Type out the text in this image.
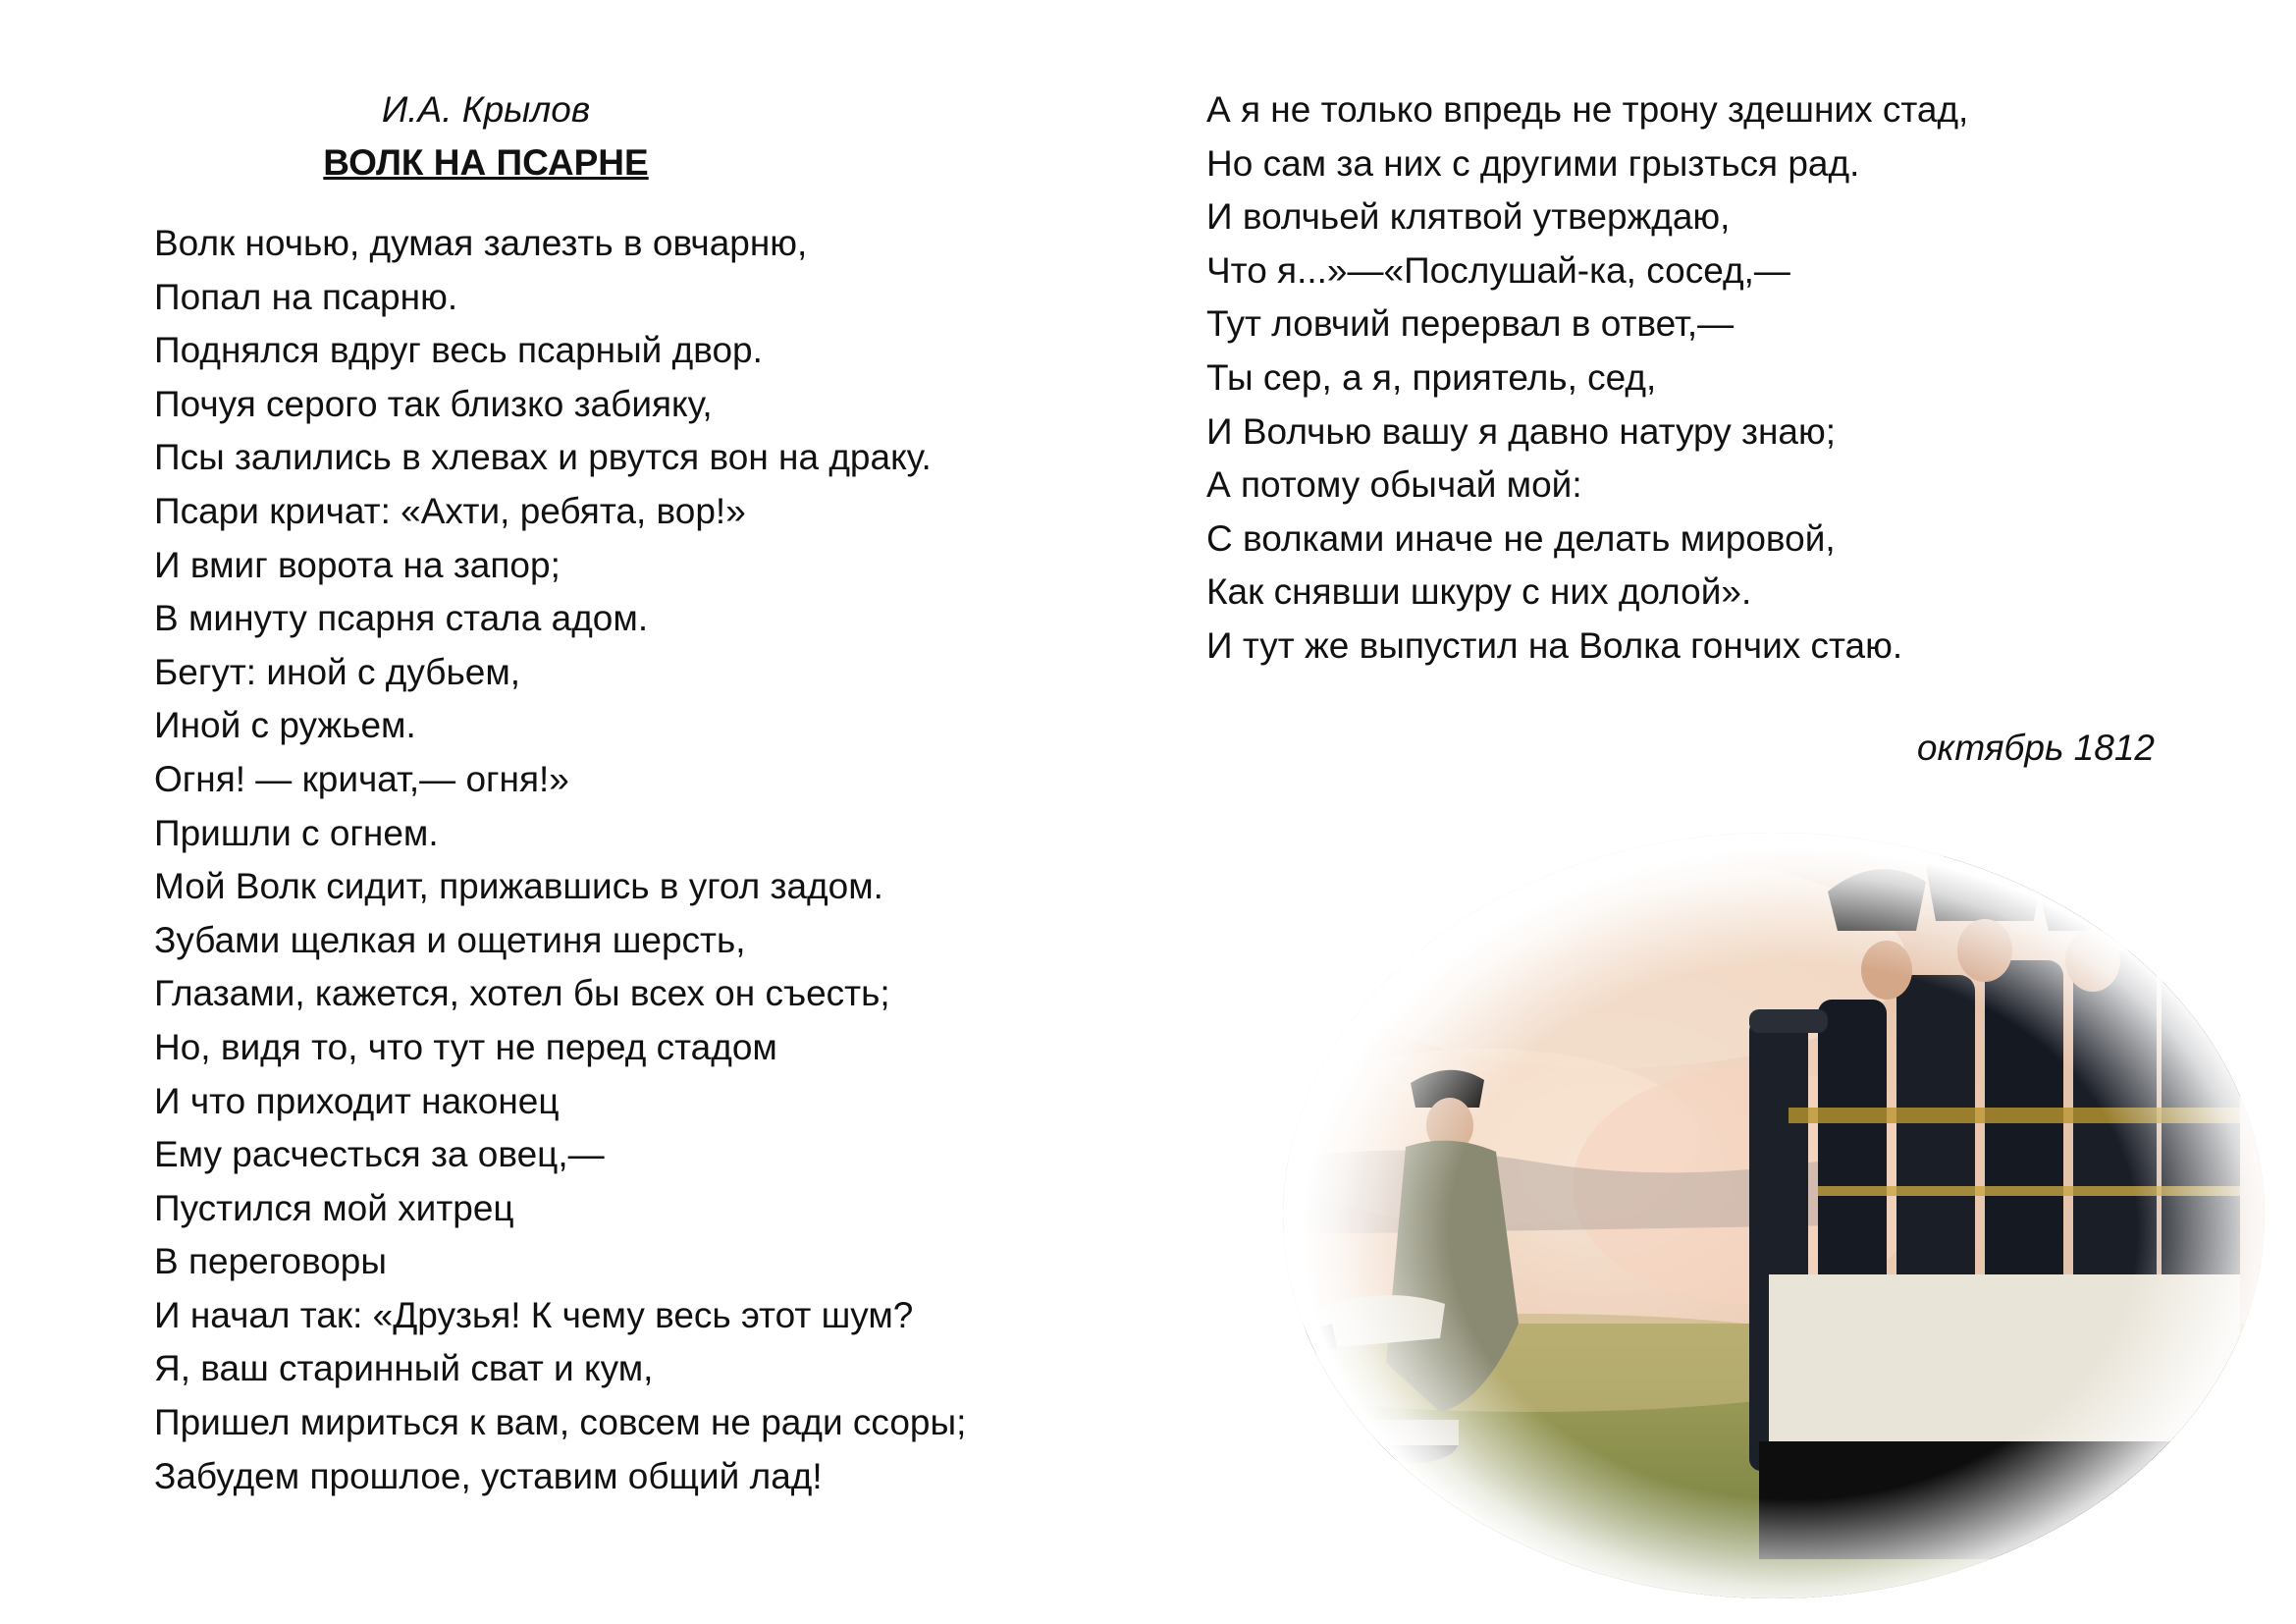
И.А. Крылов

ВОЛК НА ПСАРНЕ

Волк ночью, думая залезть в овчарню,

Попал на псарню.

Поднялся вдруг весь псарный двор.

Почуя серого так близко забияку,

Псы залились в хлевах и рвутся вон на драку.

Псари кричат: «Ахти, ребята, вор!»

И вмиг ворота на запор;

В минуту псарня стала адом.

Бегут: иной с дубьем,

Иной с ружьем.

Огня! — кричат,— огня!»

Пришли с огнем.

Мой Волк сидит, прижавшись в угол задом.

Зубами щелкая и ощетиня шерсть,

Глазами, кажется, хотел бы всех он съесть;

Но, видя то, что тут не перед стадом

И что приходит наконец

Ему расчесться за овец,—

Пустился мой хитрец

В переговоры

И начал так: «Друзья! К чему весь этот шум?

Я, ваш старинный сват и кум,

Пришел мириться к вам, совсем не ради ссоры;

Забудем прошлое, уставим общий лад!

А я не только впредь не трону здешних стад,

Но сам за них с другими грызться рад.

И волчьей клятвой утверждаю,

Что я...»—«Послушай-ка, сосед,—

Тут ловчий перервал в ответ,—

Ты сер, а я, приятель, сед,

И Волчью вашу я давно натуру знаю;

А потому обычай мой:

С волками иначе не делать мировой,

Как снявши шкуру с них долой».

И тут же выпустил на Волка гончих стаю.

октябрь 1812
